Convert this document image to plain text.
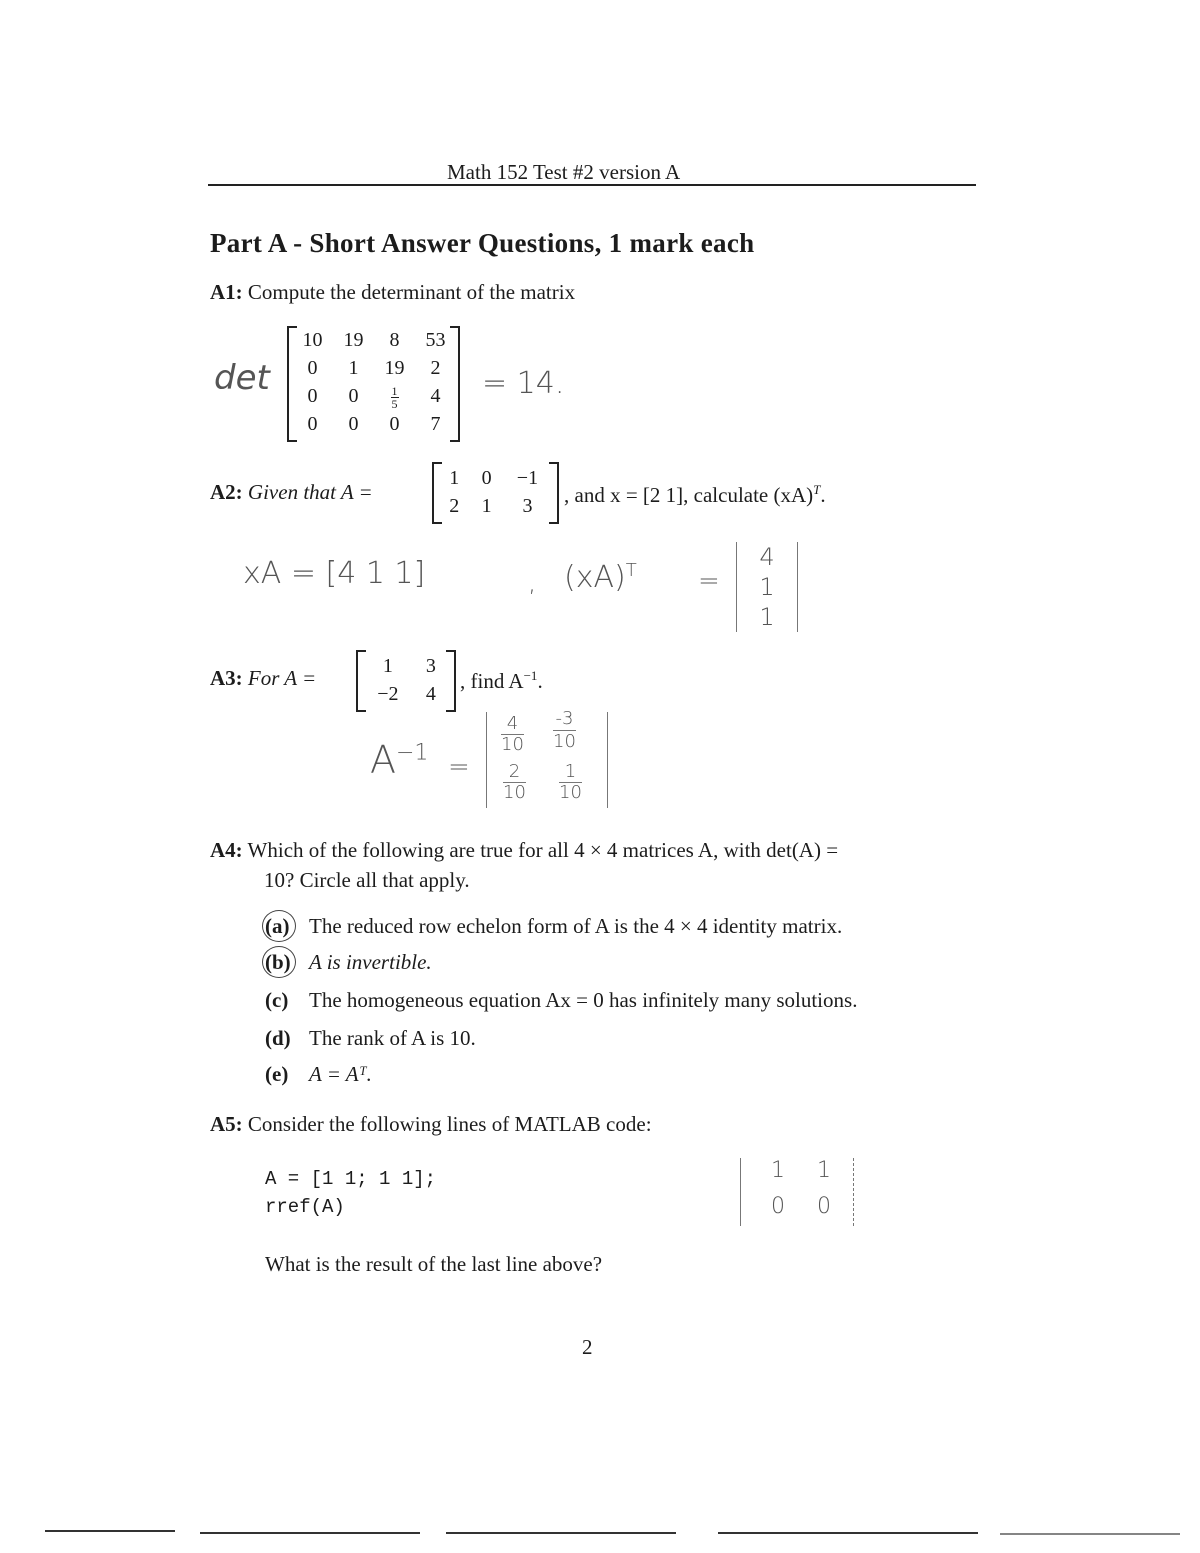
Math 152 Test #2 version A
Part A - Short Answer Questions, 1 mark each
A1: Compute the determinant of the matrix
det
10	19	8	53
0	1	19	2
0	0	$\frac{1}{5}$	4
0	0	0	7
= 14.
A2: Given that A =
1	0	−1
2	1	3 , and x = [2 1], calculate (xA)$^T$.
xA = [4 1 1]	, (xA)$^T$ =
4
1
1
A3: For A =	1	3
−2	4
, find $A^{-1}$.
$A^{-1}$ =
$\frac{4}{10} \frac{-3}{10}$
$\frac{2}{10} \frac{1}{10}$
A4: Which of the following are true for all 4 × 4 matrices A, with det(A) =
10? Circle all that apply.
(a) The reduced row echelon form of A is the 4 × 4 identity matrix.
(b) A is invertible.
(c) The homogeneous equation Ax = 0 has infinitely many solutions.
(d) The rank of A is 10.
(e) A = Aᵀ.
A5: Consider the following lines of MATLAB code:
A = [1 1; 1 1];
rref(A)
1 1
0 0
What is the result of the last line above?
2
